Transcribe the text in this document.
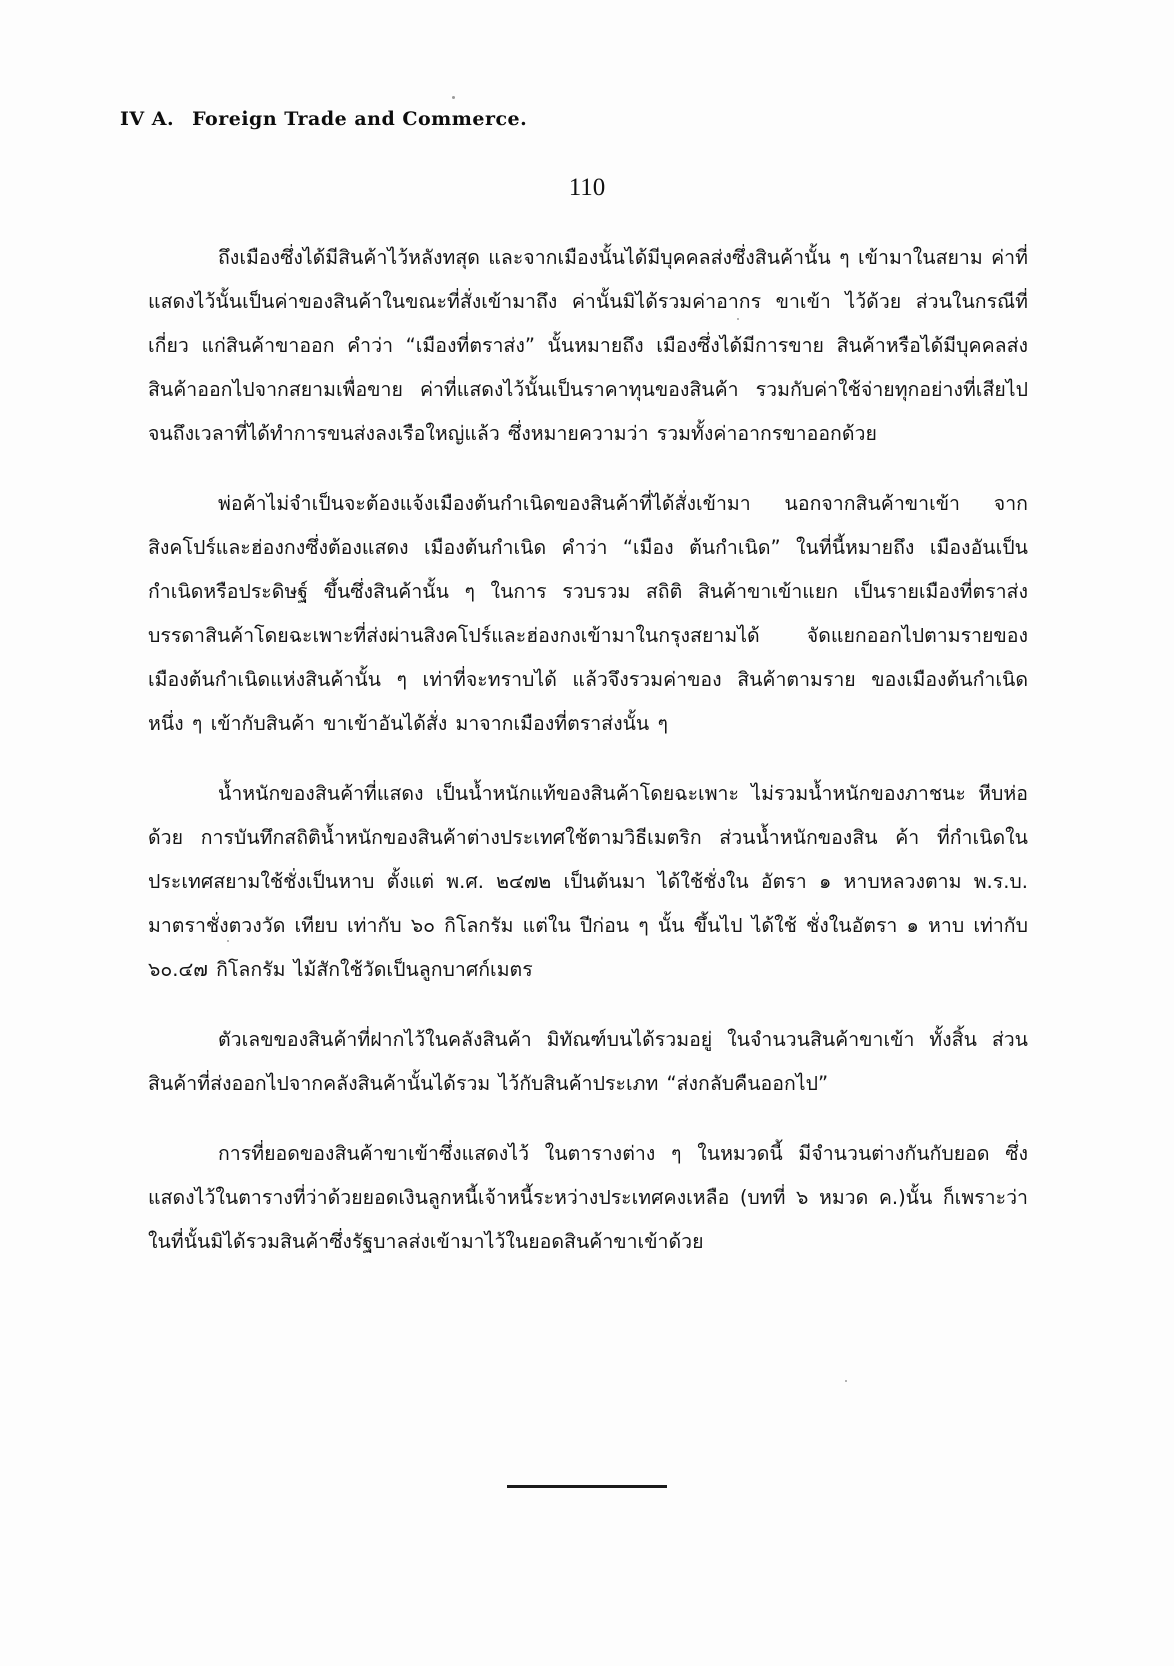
IV A. Foreign Trade and Commerce.
110

ถึงเมืองซึ่งได้มีสินค้าไว้หลังทสุด และจากเมืองนั้นได้มีบุคคลส่งซึ่งสินค้านั้น ๆ เข้ามาในสยาม ค่าที่แสดงไว้นั้นเป็นค่าของสินค้าในขณะที่สั่งเข้ามาถึง ค่านั้นมิได้รวมค่าอากร ขาเข้า ไว้ด้วย ส่วนในกรณีที่เกี่ยว แก่สินค้าขาออก คำว่า “เมืองที่ตราส่ง” นั้นหมายถึง เมืองซึ่งได้มีการขาย สินค้าหรือได้มีบุคคลส่งสินค้าออกไปจากสยามเพื่อขาย ค่าที่แสดงไว้นั้นเป็นราคาทุนของสินค้า รวมกับค่าใช้จ่ายทุกอย่างที่เสียไปจนถึงเวลาที่ได้ทำการขนส่งลงเรือใหญ่แล้ว ซึ่งหมายความว่า รวมทั้งค่าอากรขาออกด้วย

พ่อค้าไม่จำเป็นจะต้องแจ้งเมืองต้นกำเนิดของสินค้าที่ได้สั่งเข้ามา นอกจากสินค้าขาเข้า จากสิงคโปร์และฮ่องกงซึ่งต้องแสดง เมืองต้นกำเนิด คำว่า “เมือง ต้นกำเนิด” ในที่นี้หมายถึง เมืองอันเป็นกำเนิดหรือประดิษฐ์ ขึ้นซึ่งสินค้านั้น ๆ ในการ รวบรวม สถิติ สินค้าขาเข้าแยก เป็นรายเมืองที่ตราส่ง บรรดาสินค้าโดยฉะเพาะที่ส่งผ่านสิงคโปร์และฮ่องกงเข้ามาในกรุงสยามได้ จัดแยกออกไปตามรายของเมืองต้นกำเนิดแห่งสินค้านั้น ๆ เท่าที่จะทราบได้ แล้วจึงรวมค่าของ สินค้าตามราย ของเมืองต้นกำเนิด หนึ่ง ๆ เข้ากับสินค้า ขาเข้าอันได้สั่ง มาจากเมืองที่ตราส่งนั้น ๆ

น้ำหนักของสินค้าที่แสดง เป็นน้ำหนักแท้ของสินค้าโดยฉะเพาะ ไม่รวมน้ำหนักของภาชนะ หีบห่อด้วย การบันทึกสถิติน้ำหนักของสินค้าต่างประเทศใช้ตามวิธีเมตริก ส่วนน้ำหนักของสิน ค้า ที่กำเนิดใน ประเทศสยามใช้ชั่งเป็นหาบ ตั้งแต่ พ.ศ. ๒๔๗๒ เป็นต้นมา ได้ใช้ชั่งใน อัตรา ๑ หาบหลวงตาม พ.ร.บ. มาตราชั่งตวงวัด เทียบ เท่ากับ ๖๐ กิโลกรัม แต่ใน ปีก่อน ๆ นั้น ขึ้นไป ได้ใช้ ชั่งในอัตรา ๑ หาบ เท่ากับ ๖๐.๔๗ กิโลกรัม ไม้สักใช้วัดเป็นลูกบาศก์เมตร

ตัวเลขของสินค้าที่ฝากไว้ในคลังสินค้า มิทัณฑ์บนได้รวมอยู่ ในจำนวนสินค้าขาเข้า ทั้งสิ้น ส่วนสินค้าที่ส่งออกไปจากคลังสินค้านั้นได้รวม ไว้กับสินค้าประเภท “ส่งกลับคืนออกไป”

การที่ยอดของสินค้าขาเข้าซึ่งแสดงไว้ ในตารางต่าง ๆ ในหมวดนี้ มีจำนวนต่างกันกับยอด ซึ่งแสดงไว้ในตารางที่ว่าด้วยยอดเงินลูกหนี้เจ้าหนี้ระหว่างประเทศคงเหลือ (บทที่ ๖ หมวด ค.)นั้น ก็เพราะว่าในที่นั้นมิได้รวมสินค้าซึ่งรัฐบาลส่งเข้ามาไว้ในยอดสินค้าขาเข้าด้วย
